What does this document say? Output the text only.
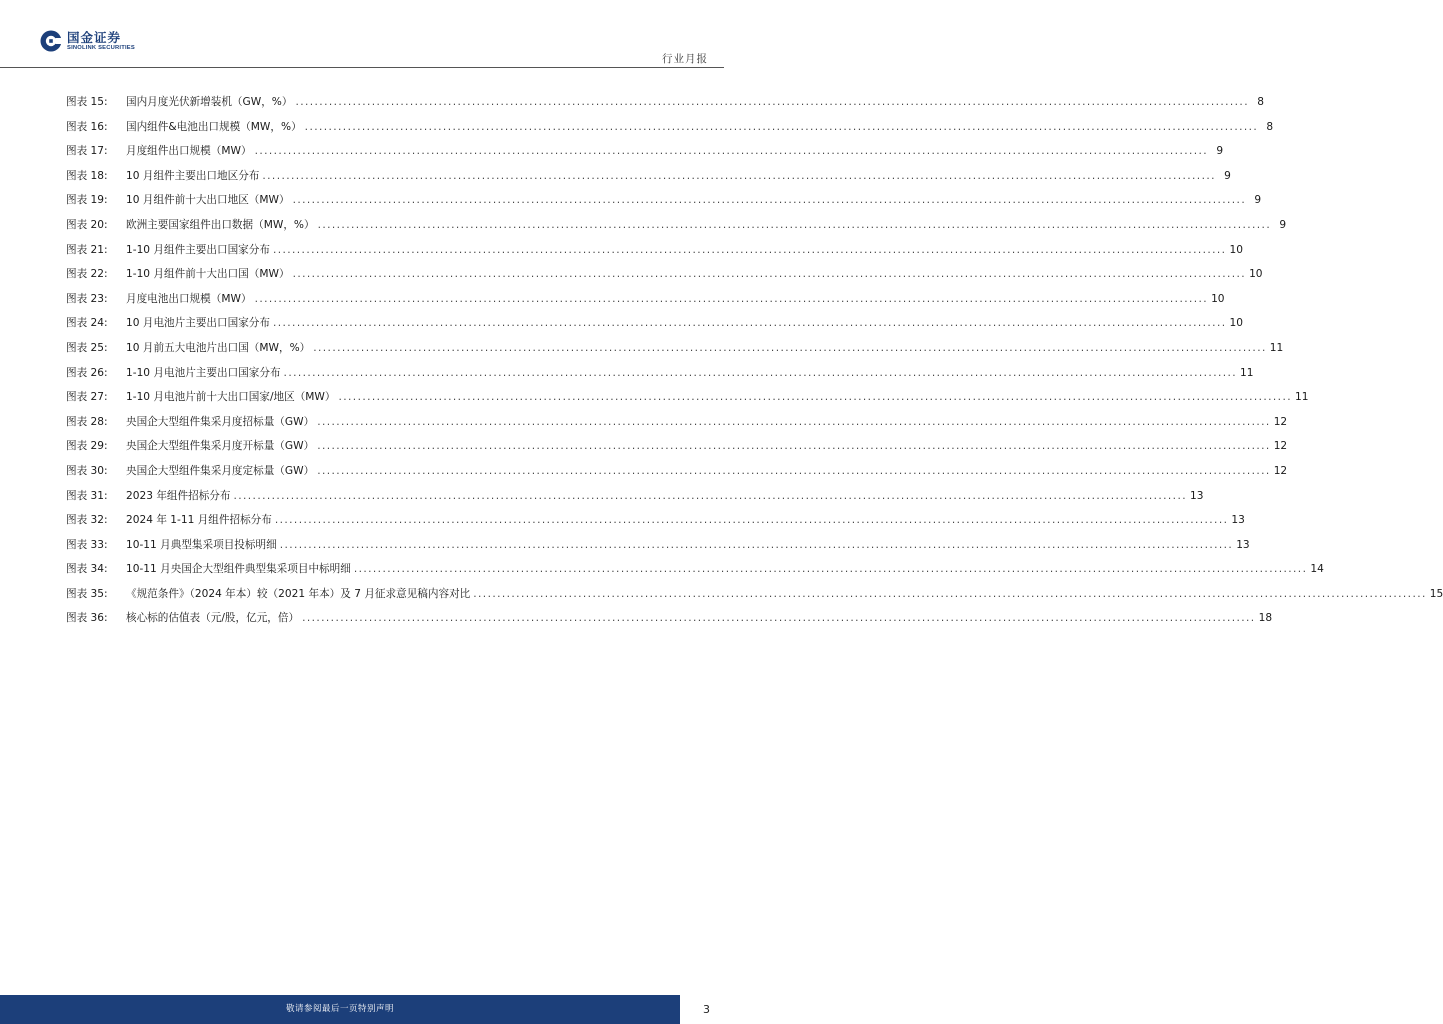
国金证券
SINOLINK SECURITIES
行业月报
图表 15:	国内月度光伏新增装机（GW，%） ........................................................................................................................................................................................................ 8
图表 16:	国内组件&电池出口规模（MW，%） ........................................................................................................................................................................................................ 8
图表 17:	月度组件出口规模（MW） ........................................................................................................................................................................................................ 9
图表 18:	10 月组件主要出口地区分布 ........................................................................................................................................................................................................ 9
图表 19:	10 月组件前十大出口地区（MW） ........................................................................................................................................................................................................ 9
图表 20:	欧洲主要国家组件出口数据（MW，%） ........................................................................................................................................................................................................ 9
图表 21:	1-10 月组件主要出口国家分布 ........................................................................................................................................................................................................ 10
图表 22:	1-10 月组件前十大出口国（MW） ........................................................................................................................................................................................................ 10
图表 23:	月度电池出口规模（MW） ........................................................................................................................................................................................................ 10
图表 24:	10 月电池片主要出口国家分布 ........................................................................................................................................................................................................ 10
图表 25:	10 月前五大电池片出口国（MW，%） ........................................................................................................................................................................................................ 11
图表 26:	1-10 月电池片主要出口国家分布 ........................................................................................................................................................................................................ 11
图表 27:	1-10 月电池片前十大出口国家/地区（MW） ........................................................................................................................................................................................................ 11
图表 28:	央国企大型组件集采月度招标量（GW） ........................................................................................................................................................................................................ 12
图表 29:	央国企大型组件集采月度开标量（GW） ........................................................................................................................................................................................................ 12
图表 30:	央国企大型组件集采月度定标量（GW） ........................................................................................................................................................................................................ 12
图表 31:	2023 年组件招标分布 ........................................................................................................................................................................................................ 13
图表 32:	2024 年 1-11 月组件招标分布 ........................................................................................................................................................................................................ 13
图表 33:	10-11 月典型集采项目投标明细 ........................................................................................................................................................................................................ 13
图表 34:	10-11 月央国企大型组件典型集采项目中标明细 ........................................................................................................................................................................................................ 14
图表 35:	《规范条件》（2024 年本）较（2021 年本）及 7 月征求意见稿内容对比 ........................................................................................................................................................................................................ 15
图表 36:	核心标的估值表（元/股，亿元，倍） ........................................................................................................................................................................................................ 18
敬请参阅最后一页特别声明	3
